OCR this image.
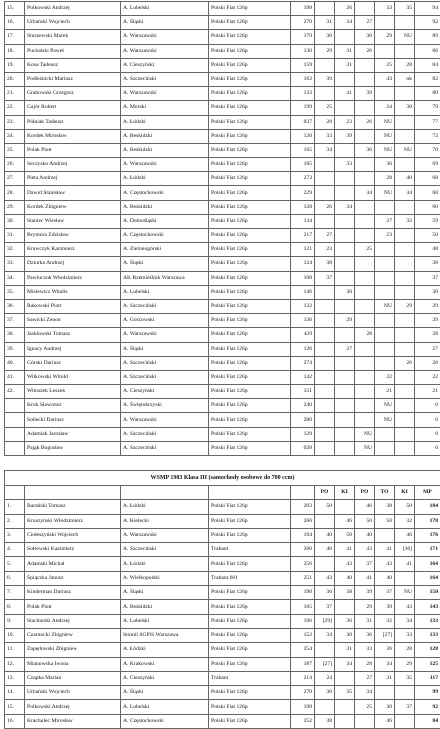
15.	Polkowski Andrzej	A. Lubelski	Polski Fiat 126p	198		26		33	35	94
16.	Urbański Wojciech	A. Śląski	Polski Fiat 126p	270	31	34	27			92
17.	Stuszewski Marek	A. Warszawski	Polski Fiat 126p	179	30		30	29	NU	89
18.	Puchalski Paweł	A. Warszawski	Polski Fiat 126p	130	29	31	26			86
19.	Kosa Tadeusz	A. Cieszyński	Polski Fiat 126p	159		31		25	28	84
20.	Podleśnicki Mariusz	A. Szczeciński	Polski Fiat 126p	162	39			43	nk	82
21.	Grabowski Grzegorz	A. Warszawski	Polski Fiat 126p	133		41	39			80
22.	Gajór Robert	A. Morski	Polski Fiat 126p	199	25			24	30	79
23.	Półniak Tadeusz	A. Łódzki	Polski Fiat 126p	037	28	23	26	NU		77
24.	Kordek Mirosław	A. Beskidzki	Polski Fiat 126p	120	33	39		NU		72
25.	Polak Piotr	A. Beskidzki	Polski Fiat 126p	165	34		36	NU	NU	70
26.	Seczysko Andrzej	A. Warszawski	Polski Fiat 126p	185		33		36		69
27.	Pieta Andrzej	A. Łódzki	Polski Fiat 126p	273				28	40	68
28.	Dawid Stanisław	A. Częstochowski	Polski Fiat 126p	229			34	NU	34	68
29.	Kordek Zbigniew	A. Beskidzki	Polski Fiat 126p	128	26	34				60
30.	Staniec Wiesław	A. Dolnośląski	Polski Fiat 126p	134				27	32	59
31.	Brymora Zdzisław	A. Częstochowski	Polski Fiat 126p	217	27			23		50
32.	Krawczyk Kazimierz	A. Zielonogórski	Polski Fiat 126p	121	23		25			48
33.	Dziurka Andrzej	A. Śląski	Polski Fiat 126p	124	38					38
34.	Pawluczuk Włodzimierz	AK Rzemieślnik Warszawa	Polski Fiat 126p	108	37					37
35.	Misiewicz Witalis	A. Lubelski	Polski Fiat 126p	146		30				30
36.	Rakowski Piotr	A. Szczeciński	Polski Fiat 126p	132				NU	29	29
37.	Sawicki Zenon	A. Gorzowski	Polski Fiat 126p	136		29				29
38.	Jaskłowski Tomasz	A. Warszawski	Polski Fiat 126p	429			28			28
39.	Ignacy Andrzej	A. Śląski	Polski Fiat 126p	126		27				27
40.	Górski Dariusz	A. Szczeciński	Polski Fiat 126p	274					26	26
41.	Witkowski Witold	A. Szczeciński	Polski Fiat 126p	142				22		22
42.	Witoszek Leszek	A. Cieszyński	Polski Fiat 126p	151				21		21
	Kruk Sławomir	A. Świętokrzyski	Polski Fiat 126p	240				NU		0
	Sobecki Dariusz	A. Warszawski	Polski Fiat 126p	280				NU		0
	Adamiak Jarosław	A. Szczeciński	Polski Fiat 126p	129			NU			0
	Pająk Bogusław	A. Szczeciński	Polski Fiat 126p	028			NU			0
WSMP 1983 Klasa III (samochody osobowe do 700 ccm)										
					PO	KI	PO	TO	KI	MP
1.	Barański Tomasz	A. Łódzki	Polski Fiat 126p	203	50		46	38	50	184
2.	Kruszyński Włodzimierz	A. Kielecki	Polski Fiat 126p	266		46	50	50	32	178
3.	Ciołeszyński Wojciech	A. Warszawski	Polski Fiat 126p	194	40	50	40		46	176
4.	Sołtowski Kazimierz	A. Szczeciński	Trabant	260	46	41	43	41	[36]	171
5.	Adamski Michał	A. Łódzki	Polski Fiat 126p	256		43	37	43	41	164
6.	Śpiączka Janusz	A. Wielkopolski	Trabant 601	251	43	40	41	40		164
7.	Kinderman Dariusz	A. Śląski	Polski Fiat 126p	190	36	38	39	37	NU	150
8.	Polak Piotr	A. Beskidzki	Polski Fiat 126p	165	37		29	39	43	143
9.	Stachurski Andrzej	A. Lubelski	Polski Fiat 126p	196	[29]	36	31	32	34	133
10.	Czarnocki Zbigniew	Stomil SGPiS Warszawa	Polski Fiat 126p	152	34	30	36	[27]	33	133
11.	Zapędowski Zbigniew	A. Łódzki	Polski Fiat 126p	254		31	33	36	28	128
12.	Mianowska Iwona	A. Krakowski	Polski Fiat 126p	187	[27]	34	28	34	29	125
13.	Czapka Marian	A. Cieszyński	Trabant	214	24		27	31	35	117
14.	Urbański Wojciech	A. Śląski	Polski Fiat 126p	270	30	35	34			99
15.	Polkowski Andrzej	A. Lubelski	Polski Fiat 126p	198			25	30	37	92
16.	Krachulec Mirosław	A. Częstochowski	Polski Fiat 126p	252	38			46		84
